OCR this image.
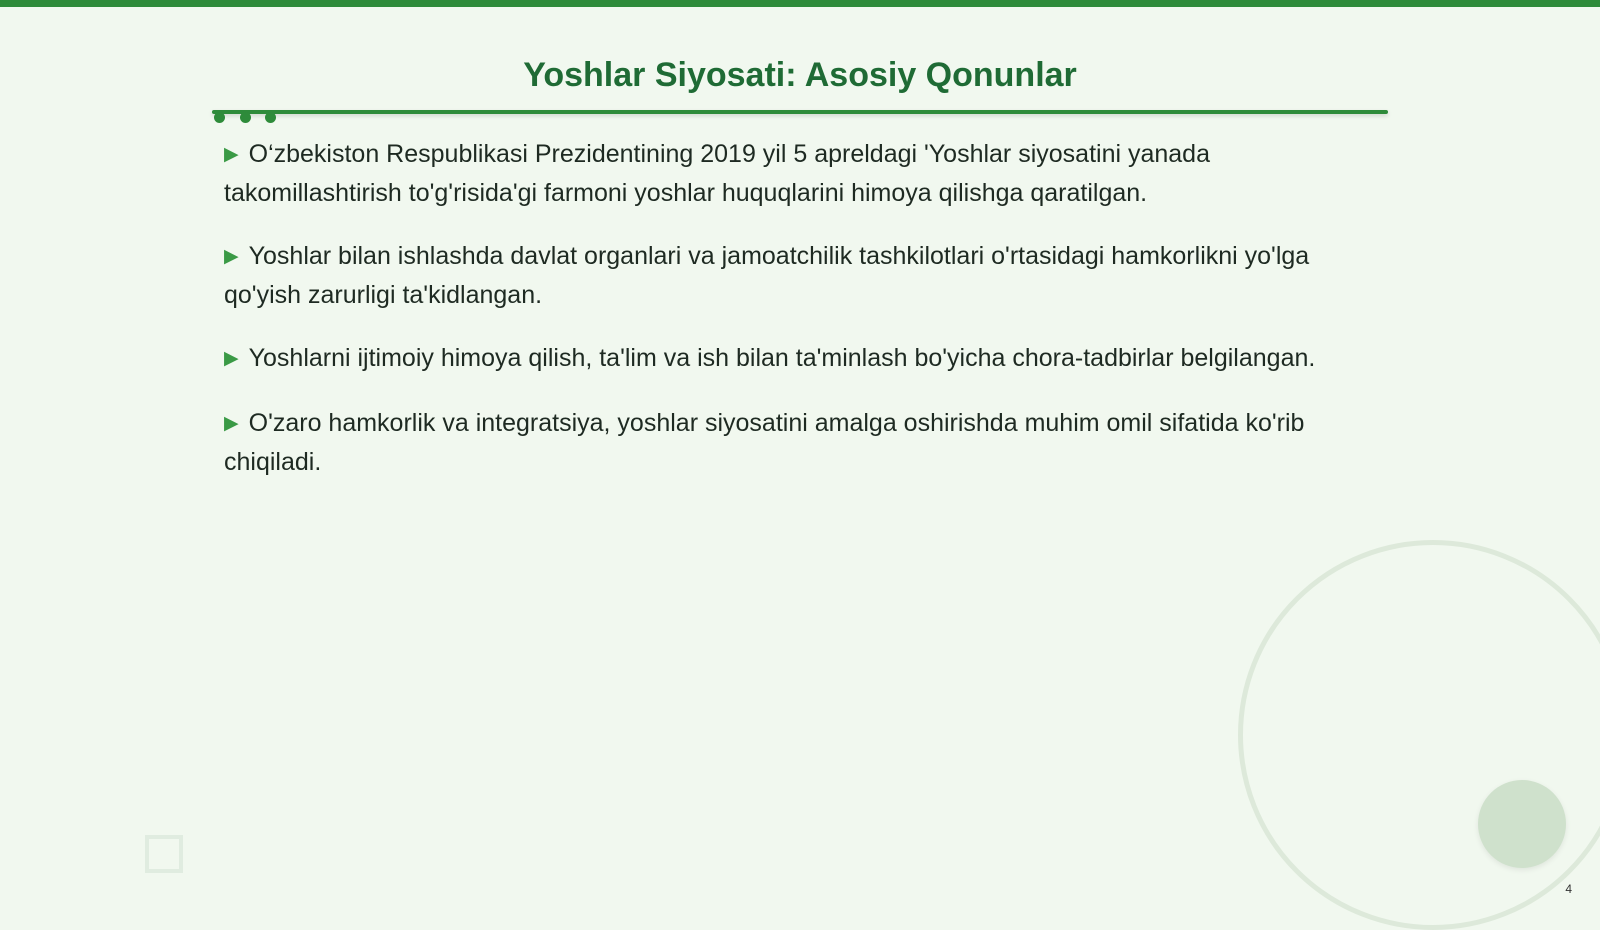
Yoshlar Siyosati: Asosiy Qonunlar
▶ O‘zbekiston Respublikasi Prezidentining 2019 yil 5 apreldagi 'Yoshlar siyosatini yanada takomillashtirish to'g'risida'gi farmoni yoshlar huquqlarini himoya qilishga qaratilgan.
▶ Yoshlar bilan ishlashda davlat organlari va jamoatchilik tashkilotlari o'rtasidagi hamkorlikni yo'lga qo'yish zarurligi ta'kidlangan.
▶ Yoshlarni ijtimoiy himoya qilish, ta'lim va ish bilan ta'minlash bo'yicha chora-tadbirlar belgilangan.
▶ O'zaro hamkorlik va integratsiya, yoshlar siyosatini amalga oshirishda muhim omil sifatida ko'rib chiqiladi.
4
